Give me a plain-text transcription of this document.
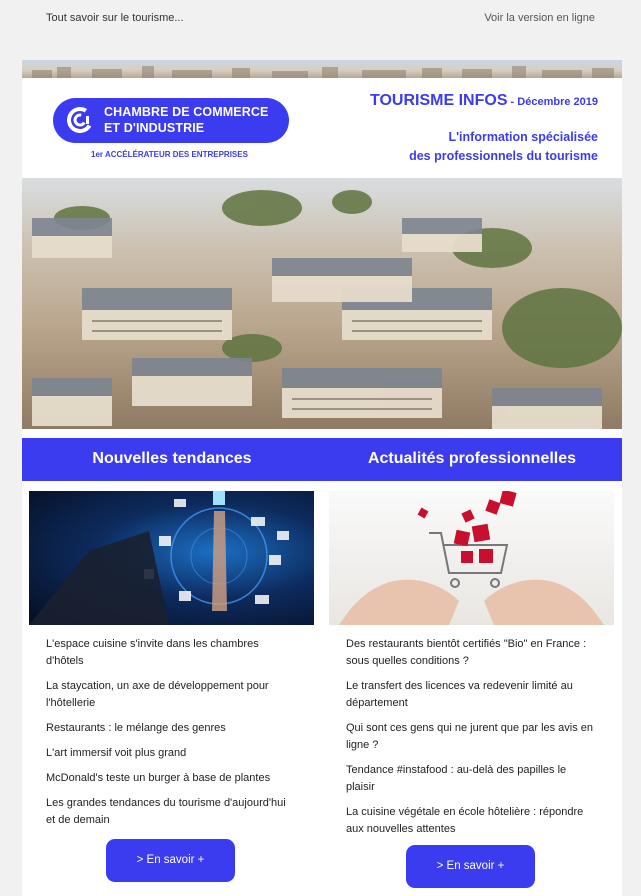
Tout savoir sur le tourisme...	Voir la version en ligne
CHAMBRE DE COMMERCE
ET D'INDUSTRIE
1er ACCÉLÉRATEUR DES ENTREPRISES
TOURISME INFOS - Décembre 2019
L'information spécialisée
des professionnels du tourisme
Nouvelles tendances	Actualités professionnelles
L'espace cuisine s'invite dans les chambres d'hôtels
La staycation, un axe de développement pour l'hôtellerie
Restaurants : le mélange des genres
L'art immersif voit plus grand
McDonald's teste un burger à base de plantes
Les grandes tendances du tourisme d'aujourd'hui et de demain
Des restaurants bientôt certifiés "Bio" en France : sous quelles conditions ?
Le transfert des licences va redevenir limité au département
Qui sont ces gens qui ne jurent que par les avis en ligne ?
Tendance #instafood : au-delà des papilles le plaisir
La cuisine végétale en école hôtelière : répondre aux nouvelles attentes
> En savoir +	> En savoir +
